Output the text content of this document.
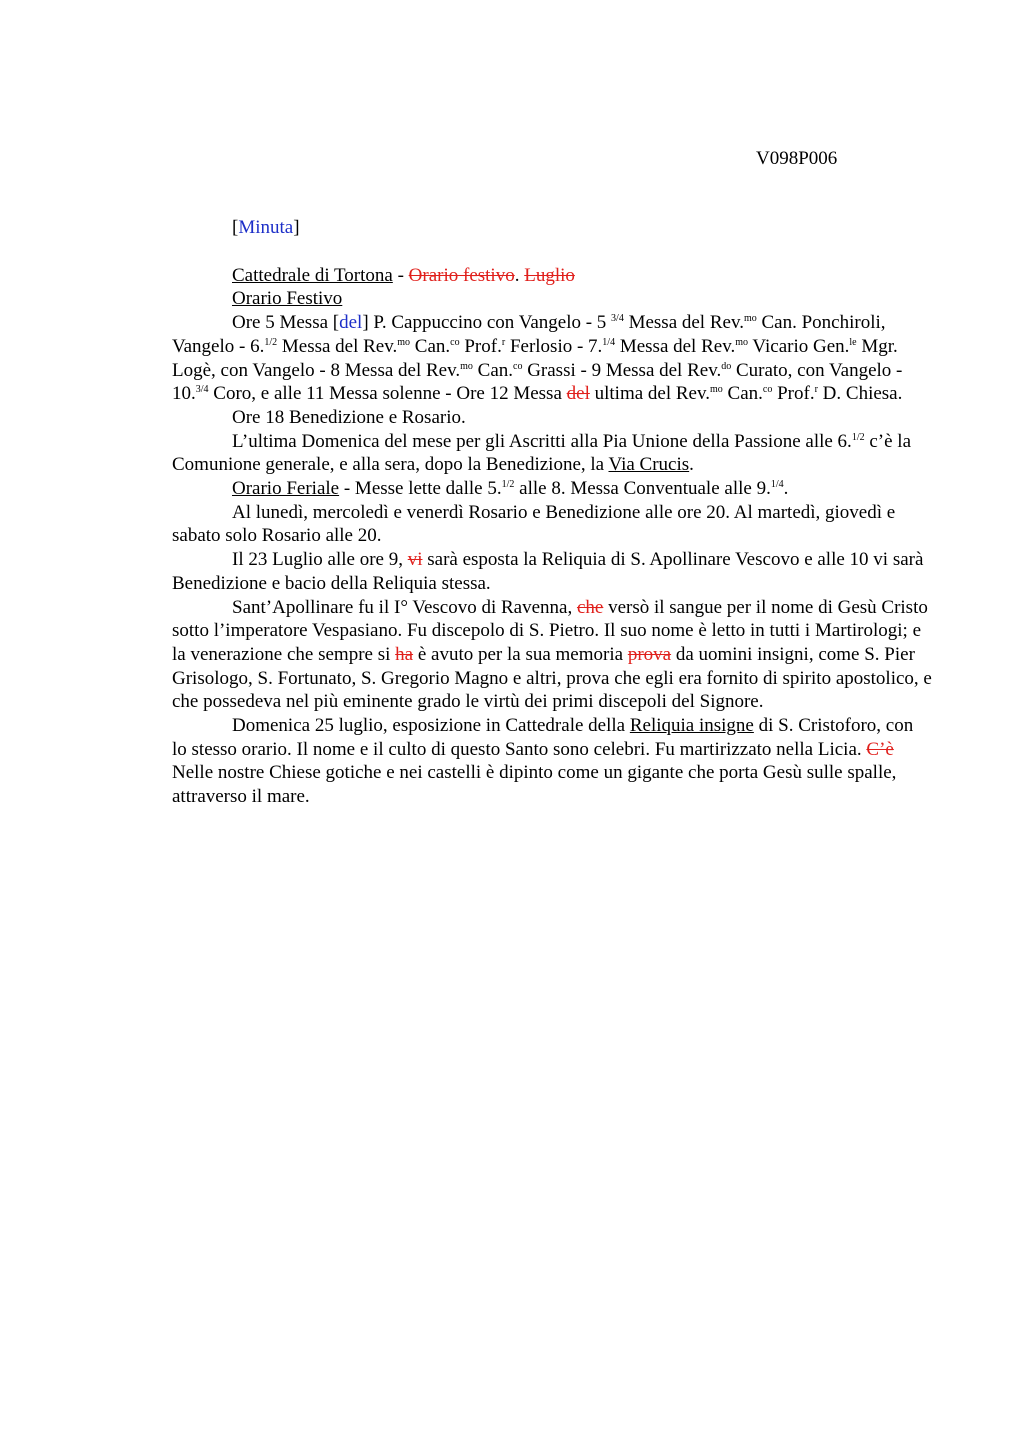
V098P006

[Minuta]

Cattedrale di Tortona - Orario festivo. Luglio

Orario Festivo

Ore 5 Messa [del] P. Cappuccino con Vangelo - 5 $^{3/4}$ Messa del Rev.$^{mo}$ Can. Ponchiroli, Vangelo - 6.$^{1/2}$ Messa del Rev.$^{mo}$ Can.$^{co}$ Prof.$^r$ Ferlosio - 7.$^{1/4}$ Messa del Rev.$^{mo}$ Vicario Gen.$^{le}$ Mgr. Logè, con Vangelo - 8 Messa del Rev.$^{mo}$ Can.$^{co}$ Grassi - 9 Messa del Rev.$^{do}$ Curato, con Vangelo - 10.$^{3/4}$ Coro, e alle 11 Messa solenne - Ore 12 Messa del ultima del Rev.$^{mo}$ Can.$^{co}$ Prof.$^r$ D. Chiesa.

Ore 18 Benedizione e Rosario.

L’ultima Domenica del mese per gli Ascritti alla Pia Unione della Passione alle 6.$^{1/2}$ c’è la Comunione generale, e alla sera, dopo la Benedizione, la Via Crucis.

Orario Feriale - Messe lette dalle 5.$^{1/2}$ alle 8. Messa Conventuale alle 9.$^{1/4}$.

Al lunedì, mercoledì e venerdì Rosario e Benedizione alle ore 20. Al martedì, giovedì e sabato solo Rosario alle 20.

Il 23 Luglio alle ore 9, vi sarà esposta la Reliquia di S. Apollinare Vescovo e alle 10 vi sarà Benedizione e bacio della Reliquia stessa.

Sant’Apollinare fu il I° Vescovo di Ravenna, che versò il sangue per il nome di Gesù Cristo sotto l’imperatore Vespasiano. Fu discepolo di S. Pietro. Il suo nome è letto in tutti i Martirologi; e la venerazione che sempre si ha è avuto per la sua memoria prova da uomini insigni, come S. Pier Grisologo, S. Fortunato, S. Gregorio Magno e altri, prova che egli era fornito di spirito apostolico, e che possedeva nel più eminente grado le virtù dei primi discepoli del Signore.

Domenica 25 luglio, esposizione in Cattedrale della Reliquia insigne di S. Cristoforo, con lo stesso orario. Il nome e il culto di questo Santo sono celebri. Fu martirizzato nella Licia. C’è Nelle nostre Chiese gotiche e nei castelli è dipinto come un gigante che porta Gesù sulle spalle, attraverso il mare.
